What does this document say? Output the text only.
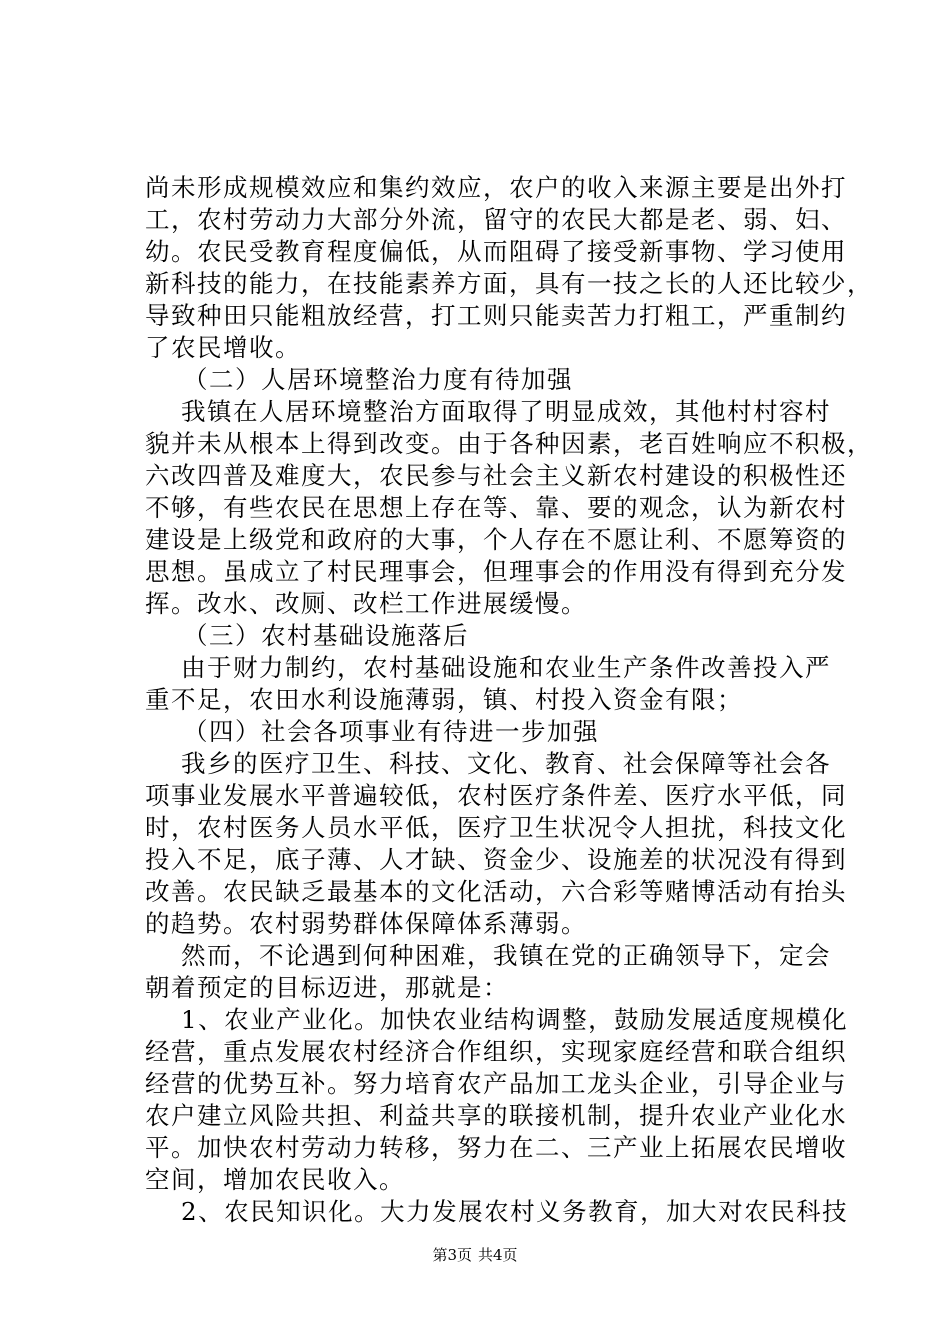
尚未形成规模效应和集约效应，农户的收入来源主要是出外打
工，农村劳动力大部分外流，留守的农民大都是老、弱、妇、
幼。农民受教育程度偏低，从而阻碍了接受新事物、学习使用
新科技的能力，在技能素养方面，具有一技之长的人还比较少，
导致种田只能粗放经营，打工则只能卖苦力打粗工，严重制约
了农民增收。
（二）人居环境整治力度有待加强
我镇在人居环境整治方面取得了明显成效，其他村村容村
貌并未从根本上得到改变。由于各种因素，老百姓响应不积极，
六改四普及难度大，农民参与社会主义新农村建设的积极性还
不够，有些农民在思想上存在等、靠、要的观念，认为新农村
建设是上级党和政府的大事，个人存在不愿让利、不愿筹资的
思想。虽成立了村民理事会，但理事会的作用没有得到充分发
挥。改水、改厕、改栏工作进展缓慢。
（三）农村基础设施落后
由于财力制约，农村基础设施和农业生产条件改善投入严
重不足，农田水利设施薄弱，镇、村投入资金有限；
（四）社会各项事业有待进一步加强
我乡的医疗卫生、科技、文化、教育、社会保障等社会各
项事业发展水平普遍较低，农村医疗条件差、医疗水平低，同
时，农村医务人员水平低，医疗卫生状况令人担扰，科技文化
投入不足，底子薄、人才缺、资金少、设施差的状况没有得到
改善。农民缺乏最基本的文化活动，六合彩等赌博活动有抬头
的趋势。农村弱势群体保障体系薄弱。
然而，不论遇到何种困难，我镇在党的正确领导下，定会
朝着预定的目标迈进，那就是：
1、农业产业化。加快农业结构调整，鼓励发展适度规模化
经营，重点发展农村经济合作组织，实现家庭经营和联合组织
经营的优势互补。努力培育农产品加工龙头企业，引导企业与
农户建立风险共担、利益共享的联接机制，提升农业产业化水
平。加快农村劳动力转移，努力在二、三产业上拓展农民增收
空间，增加农民收入。
2、农民知识化。大力发展农村义务教育，加大对农民科技
第3页 共4页
